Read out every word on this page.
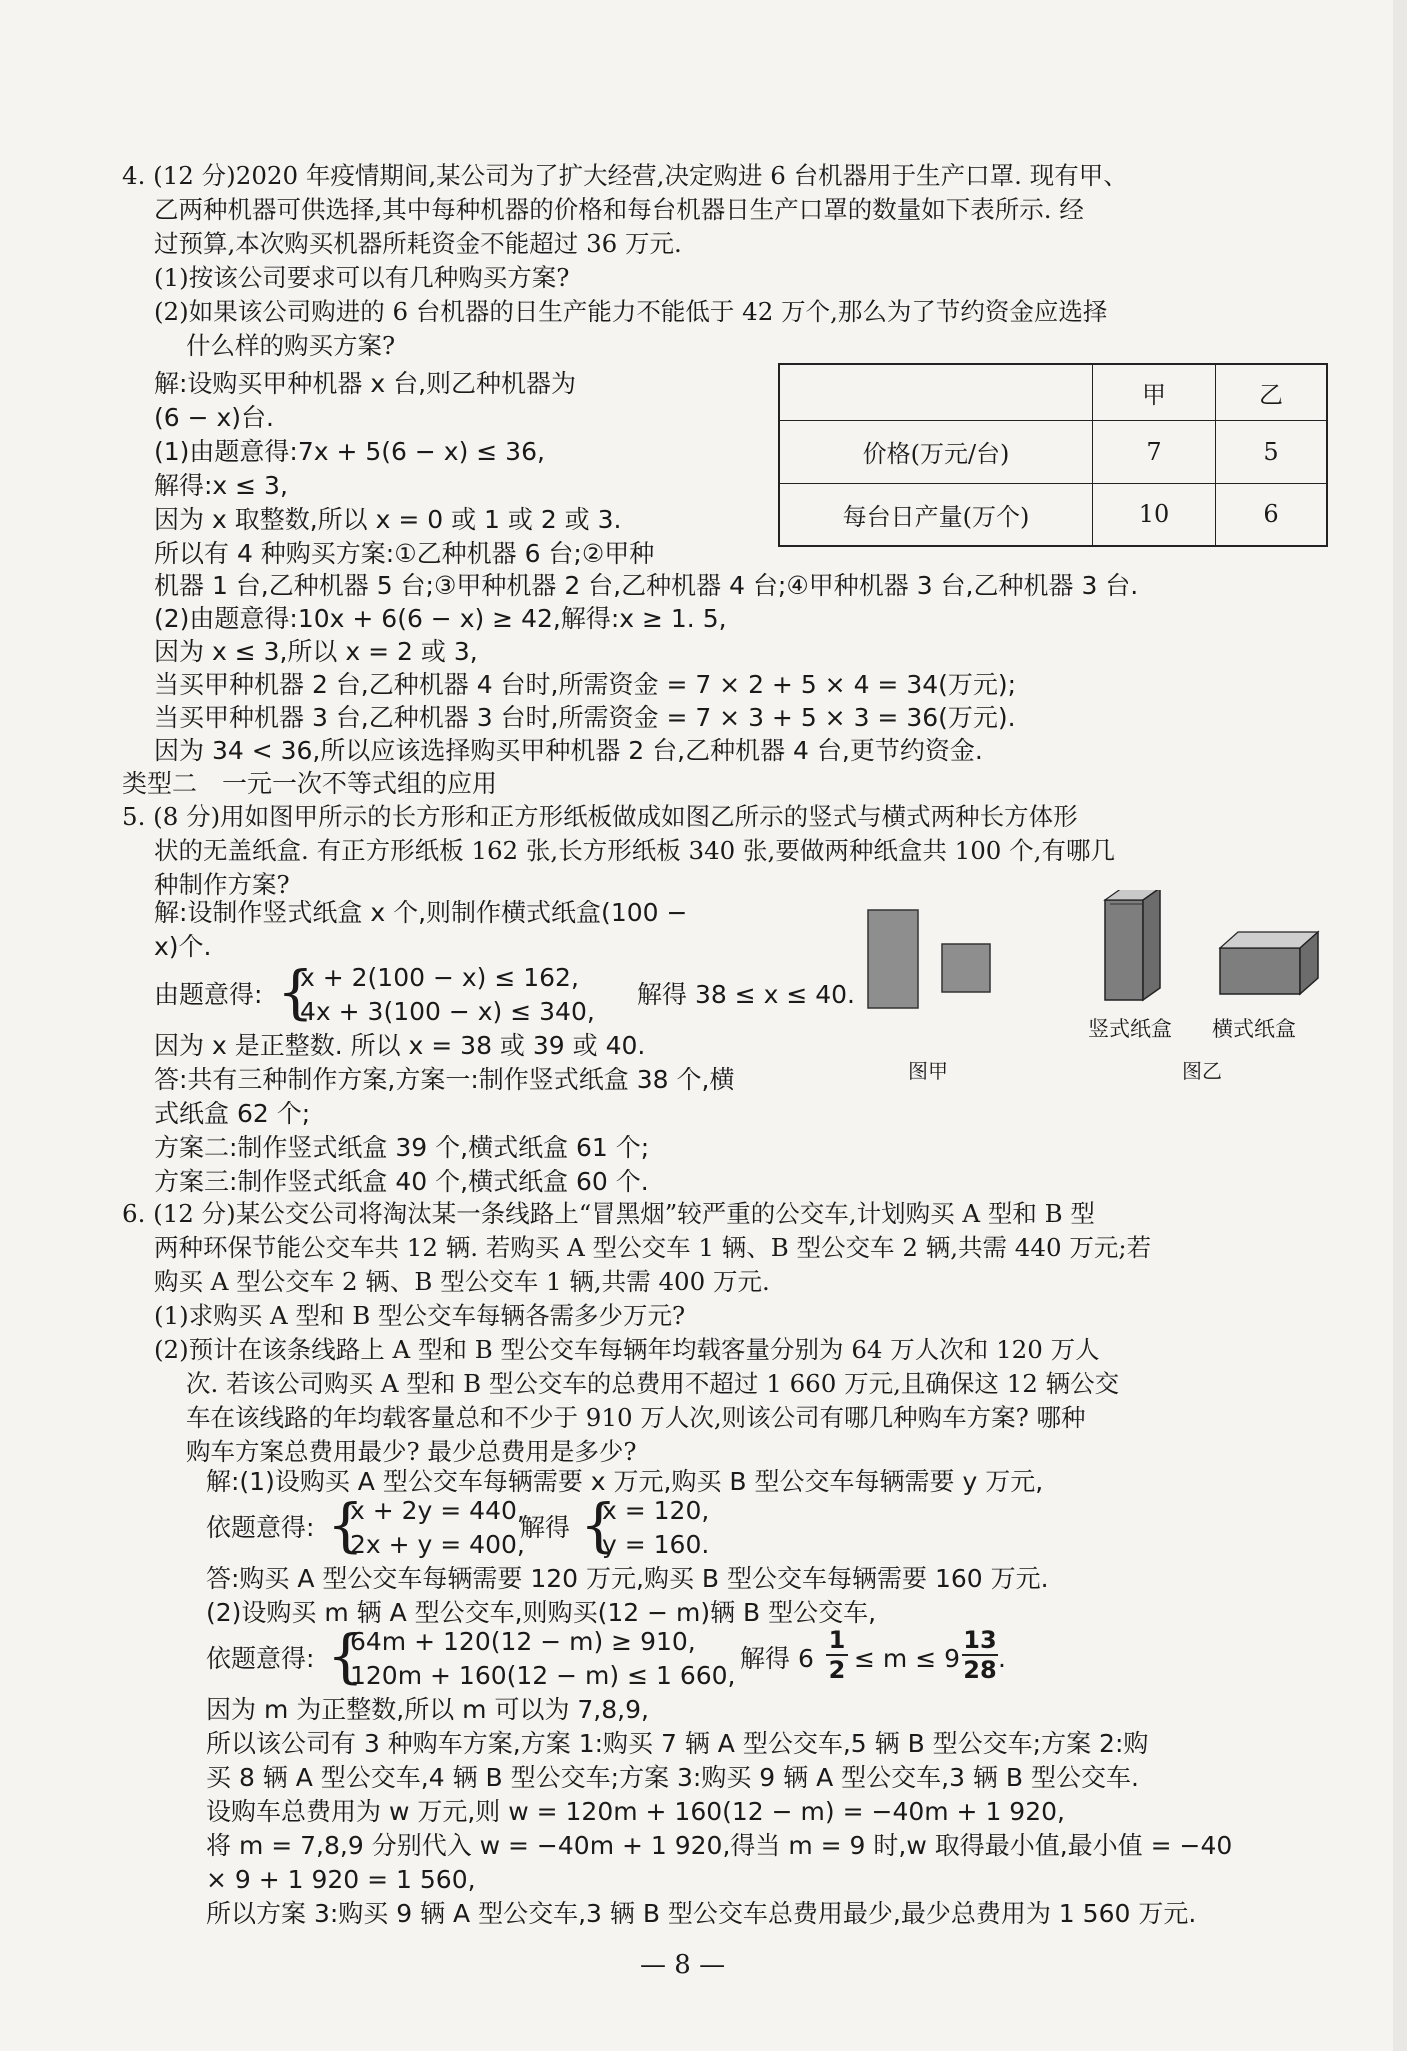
4. (12 分)2020 年疫情期间,某公司为了扩大经营,决定购进 6 台机器用于生产口罩. 现有甲、
乙两种机器可供选择,其中每种机器的价格和每台机器日生产口罩的数量如下表所示. 经
过预算,本次购买机器所耗资金不能超过 36 万元.
(1)按该公司要求可以有几种购买方案?
(2)如果该公司购进的 6 台机器的日生产能力不能低于 42 万个,那么为了节约资金应选择
什么样的购买方案?
	甲	乙
价格(万元/台)	7	5
每台日产量(万个)	10	6
解:设购买甲种机器 x 台,则乙种机器为
(6 − x)台.
(1)由题意得:7x + 5(6 − x) ≤ 36,
解得:x ≤ 3,
因为 x 取整数,所以 x = 0 或 1 或 2 或 3.
所以有 4 种购买方案:①乙种机器 6 台;②甲种
机器 1 台,乙种机器 5 台;③甲种机器 2 台,乙种机器 4 台;④甲种机器 3 台,乙种机器 3 台.
(2)由题意得:10x + 6(6 − x) ≥ 42,解得:x ≥ 1. 5,
因为 x ≤ 3,所以 x = 2 或 3,
当买甲种机器 2 台,乙种机器 4 台时,所需资金 = 7 × 2 + 5 × 4 = 34(万元);
当买甲种机器 3 台,乙种机器 3 台时,所需资金 = 7 × 3 + 5 × 3 = 36(万元).
因为 34 < 36,所以应该选择购买甲种机器 2 台,乙种机器 4 台,更节约资金.
类型二　一元一次不等式组的应用
5. (8 分)用如图甲所示的长方形和正方形纸板做成如图乙所示的竖式与横式两种长方体形
状的无盖纸盒. 有正方形纸板 162 张,长方形纸板 340 张,要做两种纸盒共 100 个,有哪几
种制作方案?
解:设制作竖式纸盒 x 个,则制作横式纸盒(100 −
x)个.
由题意得: {
x + 2(100 − x) ≤ 162,
4x + 3(100 − x) ≤ 340,
解得 38 ≤ x ≤ 40.
因为 x 是正整数. 所以 x = 38 或 39 或 40.
答:共有三种制作方案,方案一:制作竖式纸盒 38 个,横
式纸盒 62 个;
方案二:制作竖式纸盒 39 个,横式纸盒 61 个;
方案三:制作竖式纸盒 40 个,横式纸盒 60 个.
竖式纸盒 横式纸盒
图甲	图乙
6. (12 分)某公交公司将淘汰某一条线路上“冒黑烟”较严重的公交车,计划购买 A 型和 B 型
两种环保节能公交车共 12 辆. 若购买 A 型公交车 1 辆、B 型公交车 2 辆,共需 440 万元;若
购买 A 型公交车 2 辆、B 型公交车 1 辆,共需 400 万元.
(1)求购买 A 型和 B 型公交车每辆各需多少万元?
(2)预计在该条线路上 A 型和 B 型公交车每辆年均载客量分别为 64 万人次和 120 万人
次. 若该公司购买 A 型和 B 型公交车的总费用不超过 1 660 万元,且确保这 12 辆公交
车在该线路的年均载客量总和不少于 910 万人次,则该公司有哪几种购车方案? 哪种
购车方案总费用最少? 最少总费用是多少?
解:(1)设购买 A 型公交车每辆需要 x 万元,购买 B 型公交车每辆需要 y 万元,
依题意得: {
x + 2y = 440,
2x + y = 400,
解得 {
x = 120,
y = 160.
答:购买 A 型公交车每辆需要 120 万元,购买 B 型公交车每辆需要 160 万元.
(2)设购买 m 辆 A 型公交车,则购买(12 − m)辆 B 型公交车,
依题意得: {
64m + 120(12 − m) ≥ 910,
120m + 160(12 − m) ≤ 1 660,
解得 $6 \frac{1}{2} \le m \le 9 \frac{13}{28}$ .
因为 m 为正整数,所以 m 可以为 7,8,9,
所以该公司有 3 种购车方案,方案 1:购买 7 辆 A 型公交车,5 辆 B 型公交车;方案 2:购
买 8 辆 A 型公交车,4 辆 B 型公交车;方案 3:购买 9 辆 A 型公交车,3 辆 B 型公交车.
设购车总费用为 w 万元,则 w = 120m + 160(12 − m) = −40m + 1 920,
将 m = 7,8,9 分别代入 w = −40m + 1 920,得当 m = 9 时,w 取得最小值,最小值 = −40
× 9 + 1 920 = 1 560,
所以方案 3:购买 9 辆 A 型公交车,3 辆 B 型公交车总费用最少,最少总费用为 1 560 万元.
— 8 —
